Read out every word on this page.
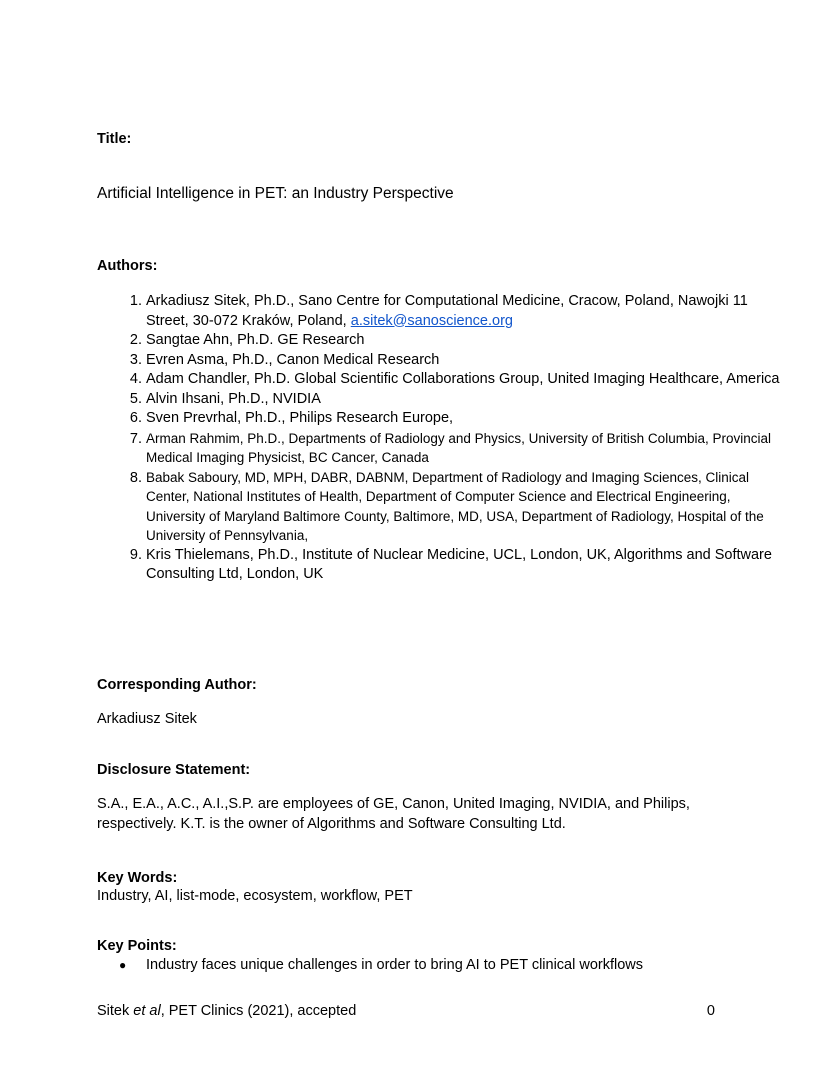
Title:
Artificial Intelligence in PET: an Industry Perspective
Authors:
1. Arkadiusz Sitek, Ph.D., Sano Centre for Computational Medicine, Cracow, Poland, Nawojki 11 Street, 30-072 Kraków, Poland, a.sitek@sanoscience.org
2. Sangtae Ahn, Ph.D. GE Research
3. Evren Asma, Ph.D., Canon Medical Research
4. Adam Chandler, Ph.D. Global Scientific Collaborations Group, United Imaging Healthcare, America
5. Alvin Ihsani, Ph.D., NVIDIA
6. Sven Prevrhal, Ph.D., Philips Research Europe,
7. Arman Rahmim, Ph.D., Departments of Radiology and Physics, University of British Columbia, Provincial Medical Imaging Physicist, BC Cancer, Canada
8. Babak Saboury, MD, MPH, DABR, DABNM, Department of Radiology and Imaging Sciences, Clinical Center, National Institutes of Health, Department of Computer Science and Electrical Engineering, University of Maryland Baltimore County, Baltimore, MD, USA, Department of Radiology, Hospital of the University of Pennsylvania,
9. Kris Thielemans, Ph.D., Institute of Nuclear Medicine, UCL, London, UK, Algorithms and Software Consulting Ltd, London, UK
Corresponding Author:
Arkadiusz Sitek
Disclosure Statement:
S.A., E.A., A.C., A.I.,S.P. are employees of GE, Canon, United Imaging, NVIDIA, and Philips, respectively. K.T. is the owner of Algorithms and Software Consulting Ltd.
Key Words:
Industry, AI, list-mode, ecosystem, workflow, PET
Key Points:
● Industry faces unique challenges in order to bring AI to PET clinical workflows
Sitek et al, PET Clinics (2021), accepted	0
